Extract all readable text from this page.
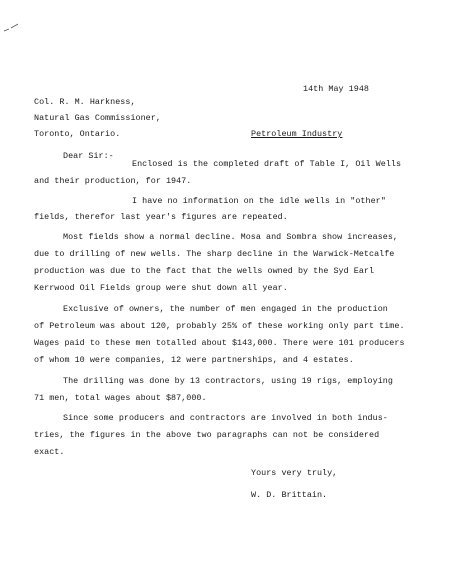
14th May 1948
Col. R. M. Harkness,
Natural Gas Commissioner,
Toronto, Ontario.	Petroleum Industry
Dear Sir:-
Enclosed is the completed draft of Table I, Oil Wells
and their production, for 1947.
I have no information on the idle wells in "other"
fields, therefor last year's figures are repeated.
Most fields show a normal decline. Mosa and Sombra show increases,
due to drilling of new wells. The sharp decline in the Warwick-Metcalfe
production was due to the fact that the wells owned by the Syd Earl
Kerrwood Oil Fields group were shut down all year.
Exclusive of owners, the number of men engaged in the production
of Petroleum was about 120, probably 25% of these working only part time.
Wages paid to these men totalled about $143,000. There were 101 producers
of whom 10 were companies, 12 were partnerships, and 4 estates.
The drilling was done by 13 contractors, using 19 rigs, employing
71 men, total wages about $87,000.
Since some producers and contractors are involved in both indus-
tries, the figures in the above two paragraphs can not be considered
exact.
Yours very truly,
W. D. Brittain.
